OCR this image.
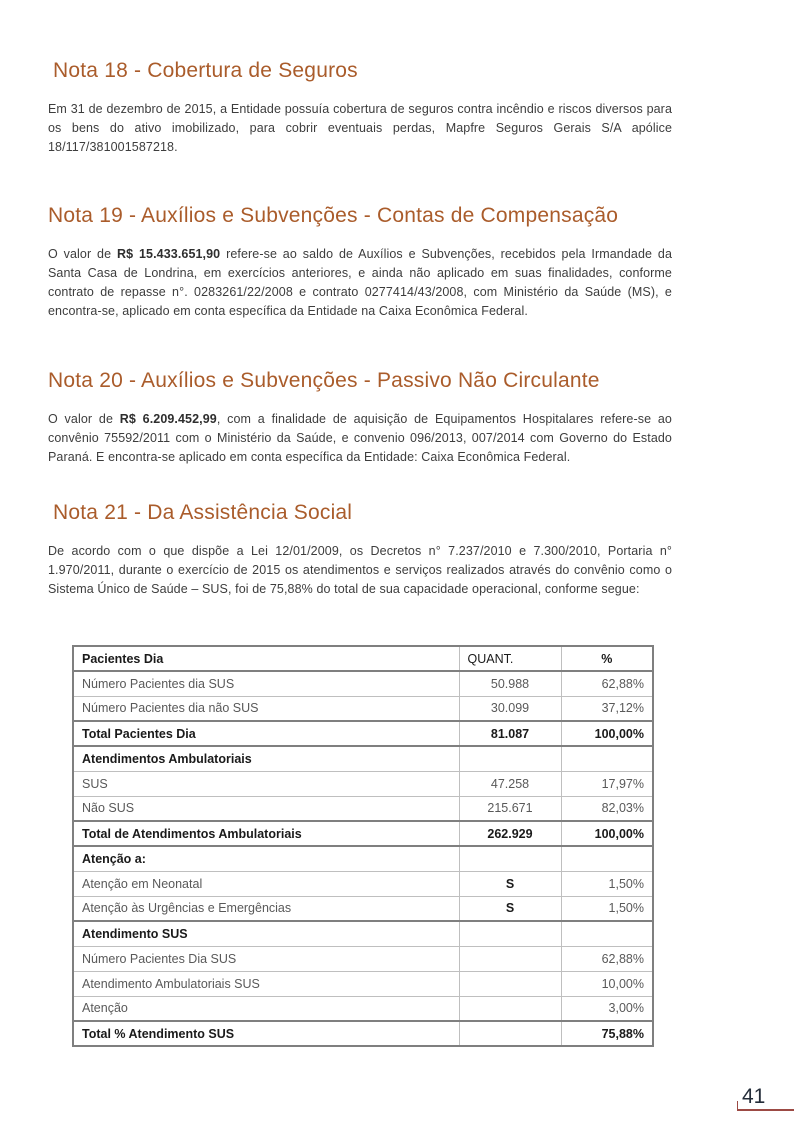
Nota 18 - Cobertura de Seguros

Em 31 de dezembro de 2015, a Entidade possuía cobertura de seguros contra incêndio e riscos diversos para os bens do ativo imobilizado, para cobrir eventuais perdas, Mapfre Seguros Gerais S/A apólice 18/117/381001587218.

Nota 19 - Auxílios e Subvenções - Contas de Compensação

O valor de R$ 15.433.651,90 refere-se ao saldo de Auxílios e Subvenções, recebidos pela Irmandade da Santa Casa de Londrina, em exercícios anteriores, e ainda não aplicado em suas finalidades, conforme contrato de repasse n°. 0283261/22/2008 e contrato 0277414/43/2008, com Ministério da Saúde (MS), e encontra-se, aplicado em conta específica da Entidade na Caixa Econômica Federal.

Nota 20 - Auxílios e Subvenções - Passivo Não Circulante

O valor de R$ 6.209.452,99, com a finalidade de aquisição de Equipamentos Hospitalares refere-se ao convênio 75592/2011 com o Ministério da Saúde, e convenio 096/2013, 007/2014 com Governo do Estado Paraná. E encontra-se aplicado em conta específica da Entidade: Caixa Econômica Federal.

Nota 21 - Da Assistência Social

De acordo com o que dispõe a Lei 12/01/2009, os Decretos n° 7.237/2010 e 7.300/2010, Portaria n° 1.970/2011, durante o exercício de 2015 os atendimentos e serviços realizados através do convênio como o Sistema Único de Saúde – SUS, foi de 75,88% do total de sua capacidade operacional, conforme segue:

Pacientes Dia	QUANT.	%
Número Pacientes dia SUS	50.988	62,88%
Número Pacientes dia não SUS	30.099	37,12%
Total Pacientes Dia	81.087	100,00%
Atendimentos Ambulatoriais		
SUS	47.258	17,97%
Não SUS	215.671	82,03%
Total de Atendimentos Ambulatoriais	262.929	100,00%
Atenção a:		
Atenção em Neonatal	S	1,50%
Atenção às Urgências e Emergências	S	1,50%
Atendimento SUS		
Número Pacientes Dia SUS		62,88%
Atendimento Ambulatoriais SUS		10,00%
Atenção		3,00%
Total % Atendimento SUS		75,88%
41
